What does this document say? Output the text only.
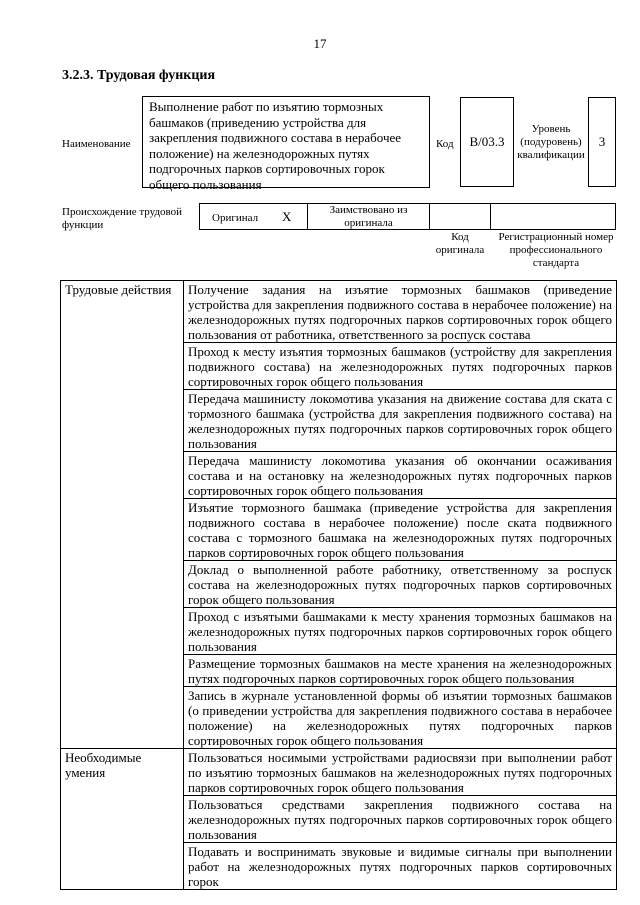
17
3.2.3. Трудовая функция
Наименование
Выполнение работ по изъятию тормозных башмаков (приведению устройства для закрепления подвижного состава в нерабочее положение) на железнодорожных путях подгорочных парков сортировочных горок общего пользования
Код В/03.3
Уровень (подуровень) квалификации
3
Происхождение трудовой функции
Оригинал X	Заимствовано из оригинала
Код оригинала
Регистрационный номер профессионального стандарта
Трудовые действия	Получение задания на изъятие тормозных башмаков (приведение устройства для закрепления подвижного состава в нерабочее положение) на железнодорожных путях подгорочных парков сортировочных горок общего пользования от работника, ответственного за роспуск состава
	Проход к месту изъятия тормозных башмаков (устройству для закрепления подвижного состава) на железнодорожных путях подгорочных парков сортировочных горок общего пользования
	Передача машинисту локомотива указания на движение состава для ската с тормозного башмака (устройства для закрепления подвижного состава) на железнодорожных путях подгорочных парков сортировочных горок общего пользования
	Передача машинисту локомотива указания об окончании осаживания состава и на остановку на железнодорожных путях подгорочных парков сортировочных горок общего пользования
	Изъятие тормозного башмака (приведение устройства для закрепления подвижного состава в нерабочее положение) после ската подвижного состава с тормозного башмака на железнодорожных путях подгорочных парков сортировочных горок общего пользования
	Доклад о выполненной работе работнику, ответственному за роспуск состава на железнодорожных путях подгорочных парков сортировочных горок общего пользования
	Проход с изъятыми башмаками к месту хранения тормозных башмаков на железнодорожных путях подгорочных парков сортировочных горок общего пользования
	Размещение тормозных башмаков на месте хранения на железнодорожных путях подгорочных парков сортировочных горок общего пользования
	Запись в журнале установленной формы об изъятии тормозных башмаков (о приведении устройства для закрепления подвижного состава в нерабочее положение) на железнодорожных путях подгорочных парков сортировочных горок общего пользования
Необходимые умения	Пользоваться носимыми устройствами радиосвязи при выполнении работ по изъятию тормозных башмаков на железнодорожных путях подгорочных парков сортировочных горок общего пользования
	Пользоваться средствами закрепления подвижного состава на железнодорожных путях подгорочных парков сортировочных горок общего пользования
	Подавать и воспринимать звуковые и видимые сигналы при выполнении работ на железнодорожных путях подгорочных парков сортировочных горок
